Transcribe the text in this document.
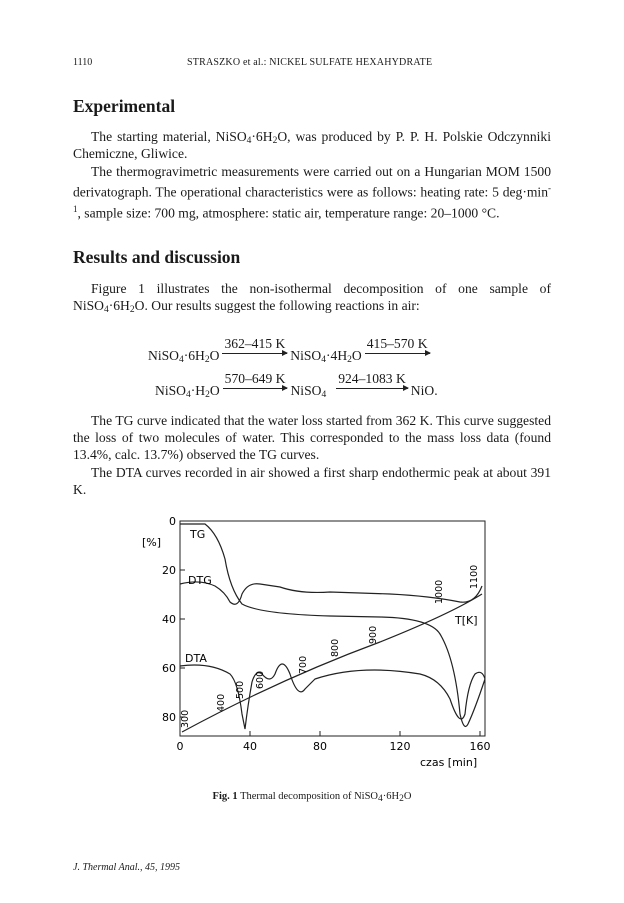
1110	STRASZKO et al.: NICKEL SULFATE HEXAHYDRATE
Experimental

The starting material, $NiSO_4\cdot 6H_2O$, was produced by P. P. H. Polskie Odczynniki Chemiczne, Gliwice.

The thermogravimetric measurements were carried out on a Hungarian MOM 1500 derivatograph. The operational characteristics were as follows: heating rate: 5 $deg\cdot\min^{-1}$, sample size: 700 mg, atmosphere: static air, temperature range: 20–1000 °C.

Results and discussion

Figure 1 illustrates the non-isothermal decomposition of one sample of $NiSO_4\cdot 6H_2O$. Our results suggest the following reactions in air:

$NiSO_4\cdot 6H_2O$
362–415 K
$NiSO_4\cdot 4H_2O$
415–570 K
$NiSO_4\cdot H_2O$
570–649 K
NiSO$_4$
924–1083 K
NiO.

The TG curve indicated that the water loss started from 362 K. This curve suggested the loss of two molecules of water. This corresponded to the mass loss data (found 13.4%, calc. 13.7%) observed the TG curves.

The DTA curves recorded in air showed a first sharp endothermic peak at about 391 K.

[%]
0
20
40
60
80
0	40	80	120	160
czas [min]
TG
DTG
DTA
T[K]
300
400
500
600
700
800
900
1000
1100
Fig. 1 Thermal decomposition of $NiSO_4\cdot 6H_2O$
J. Thermal Anal., 45, 1995
